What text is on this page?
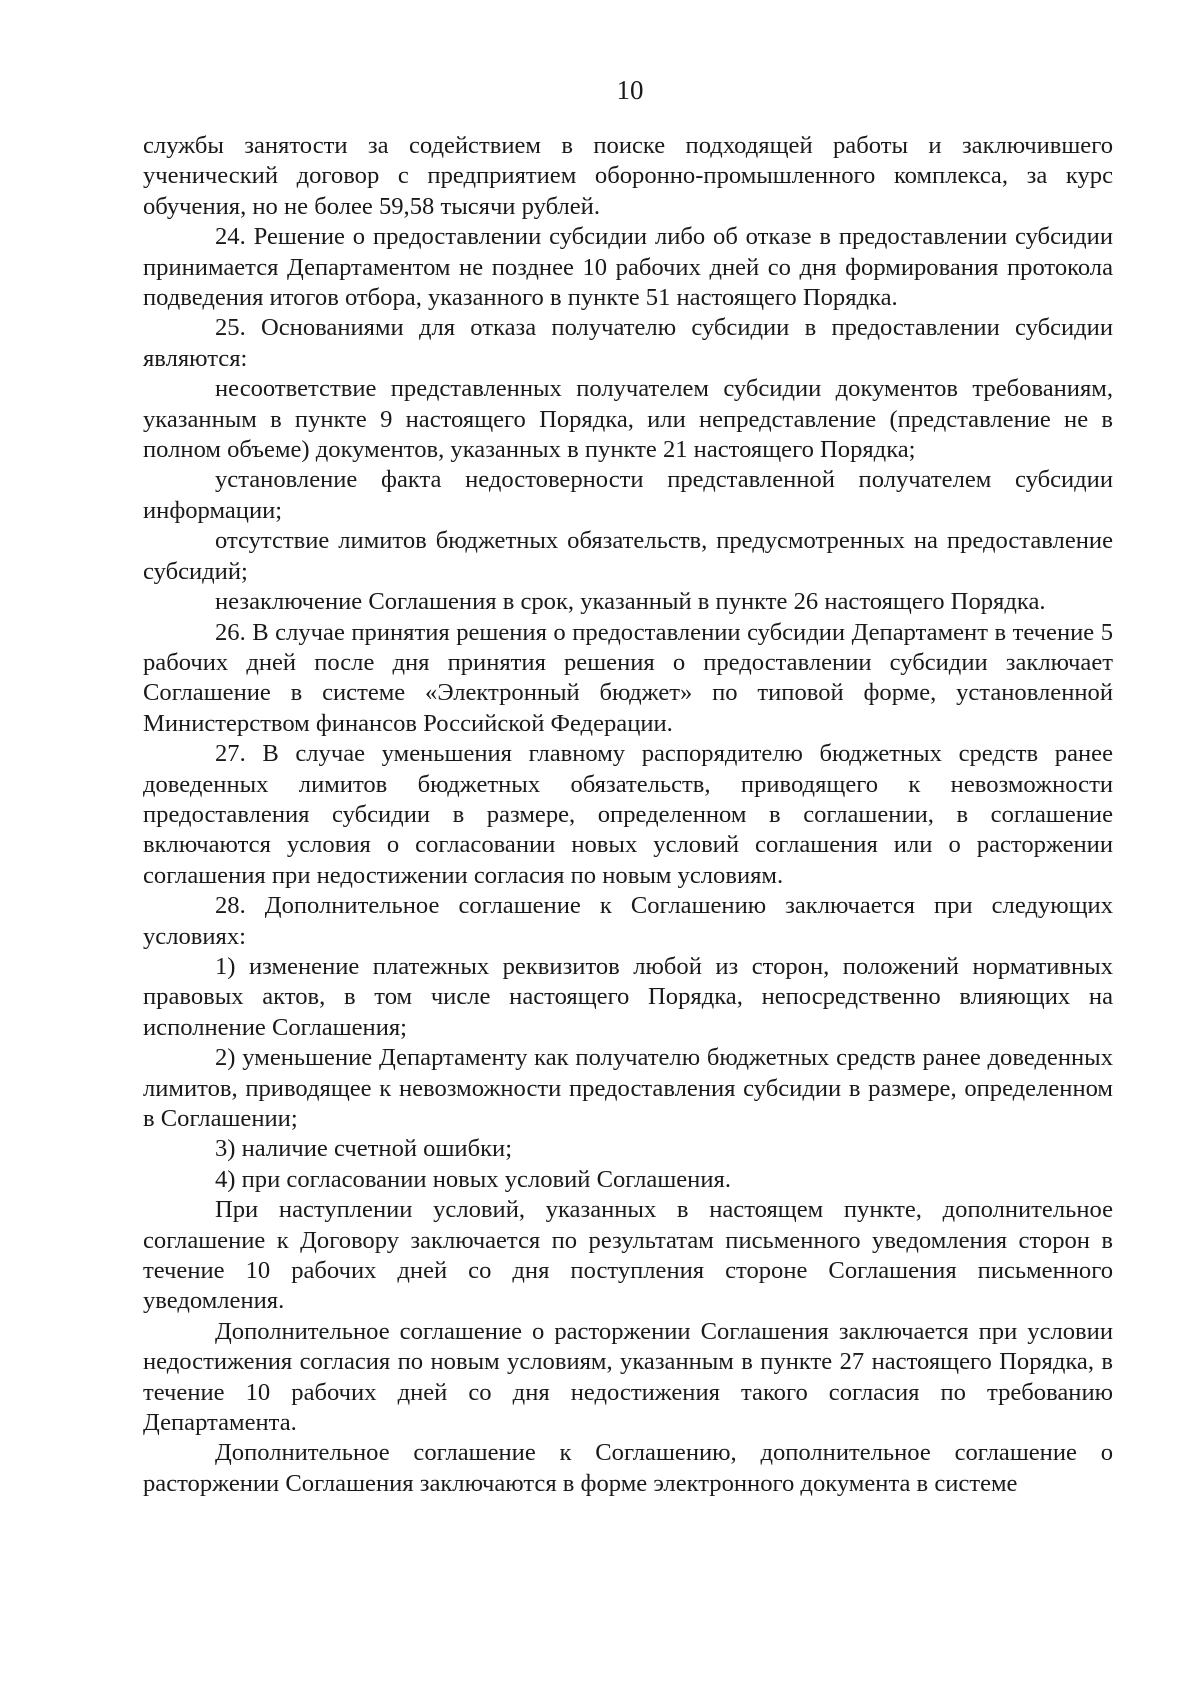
10

службы занятости за содействием в поиске подходящей работы и заключившего ученический договор с предприятием оборонно-промышленного комплекса, за курс обучения, но не более 59,58 тысячи рублей.

24. Решение о предоставлении субсидии либо об отказе в предоставлении субсидии принимается Департаментом не позднее 10 рабочих дней со дня формирования протокола подведения итогов отбора, указанного в пункте 51 настоящего Порядка.

25. Основаниями для отказа получателю субсидии в предоставлении субсидии являются:

несоответствие представленных получателем субсидии документов требованиям, указанным в пункте 9 настоящего Порядка, или непредставление (представление не в полном объеме) документов, указанных в пункте 21 настоящего Порядка;

установление факта недостоверности представленной получателем субсидии информации;

отсутствие лимитов бюджетных обязательств, предусмотренных на предоставление субсидий;

незаключение Соглашения в срок, указанный в пункте 26 настоящего Порядка.

26. В случае принятия решения о предоставлении субсидии Департамент в течение 5 рабочих дней после дня принятия решения о предоставлении субсидии заключает Соглашение в системе «Электронный бюджет» по типовой форме, установленной Министерством финансов Российской Федерации.

27. В случае уменьшения главному распорядителю бюджетных средств ранее доведенных лимитов бюджетных обязательств, приводящего к невозможности предоставления субсидии в размере, определенном в соглашении, в соглашение включаются условия о согласовании новых условий соглашения или о расторжении соглашения при недостижении согласия по новым условиям.

28. Дополнительное соглашение к Соглашению заключается при следующих условиях:

1) изменение платежных реквизитов любой из сторон, положений нормативных правовых актов, в том числе настоящего Порядка, непосредственно влияющих на исполнение Соглашения;

2) уменьшение Департаменту как получателю бюджетных средств ранее доведенных лимитов, приводящее к невозможности предоставления субсидии в размере, определенном в Соглашении;

3) наличие счетной ошибки;

4) при согласовании новых условий Соглашения.

При наступлении условий, указанных в настоящем пункте, дополнительное соглашение к Договору заключается по результатам письменного уведомления сторон в течение 10 рабочих дней со дня поступления стороне Соглашения письменного уведомления.

Дополнительное соглашение о расторжении Соглашения заключается при условии недостижения согласия по новым условиям, указанным в пункте 27 настоящего Порядка, в течение 10 рабочих дней со дня недостижения такого согласия по требованию Департамента.

Дополнительное соглашение к Соглашению, дополнительное соглашение о расторжении Соглашения заключаются в форме электронного документа в системе
